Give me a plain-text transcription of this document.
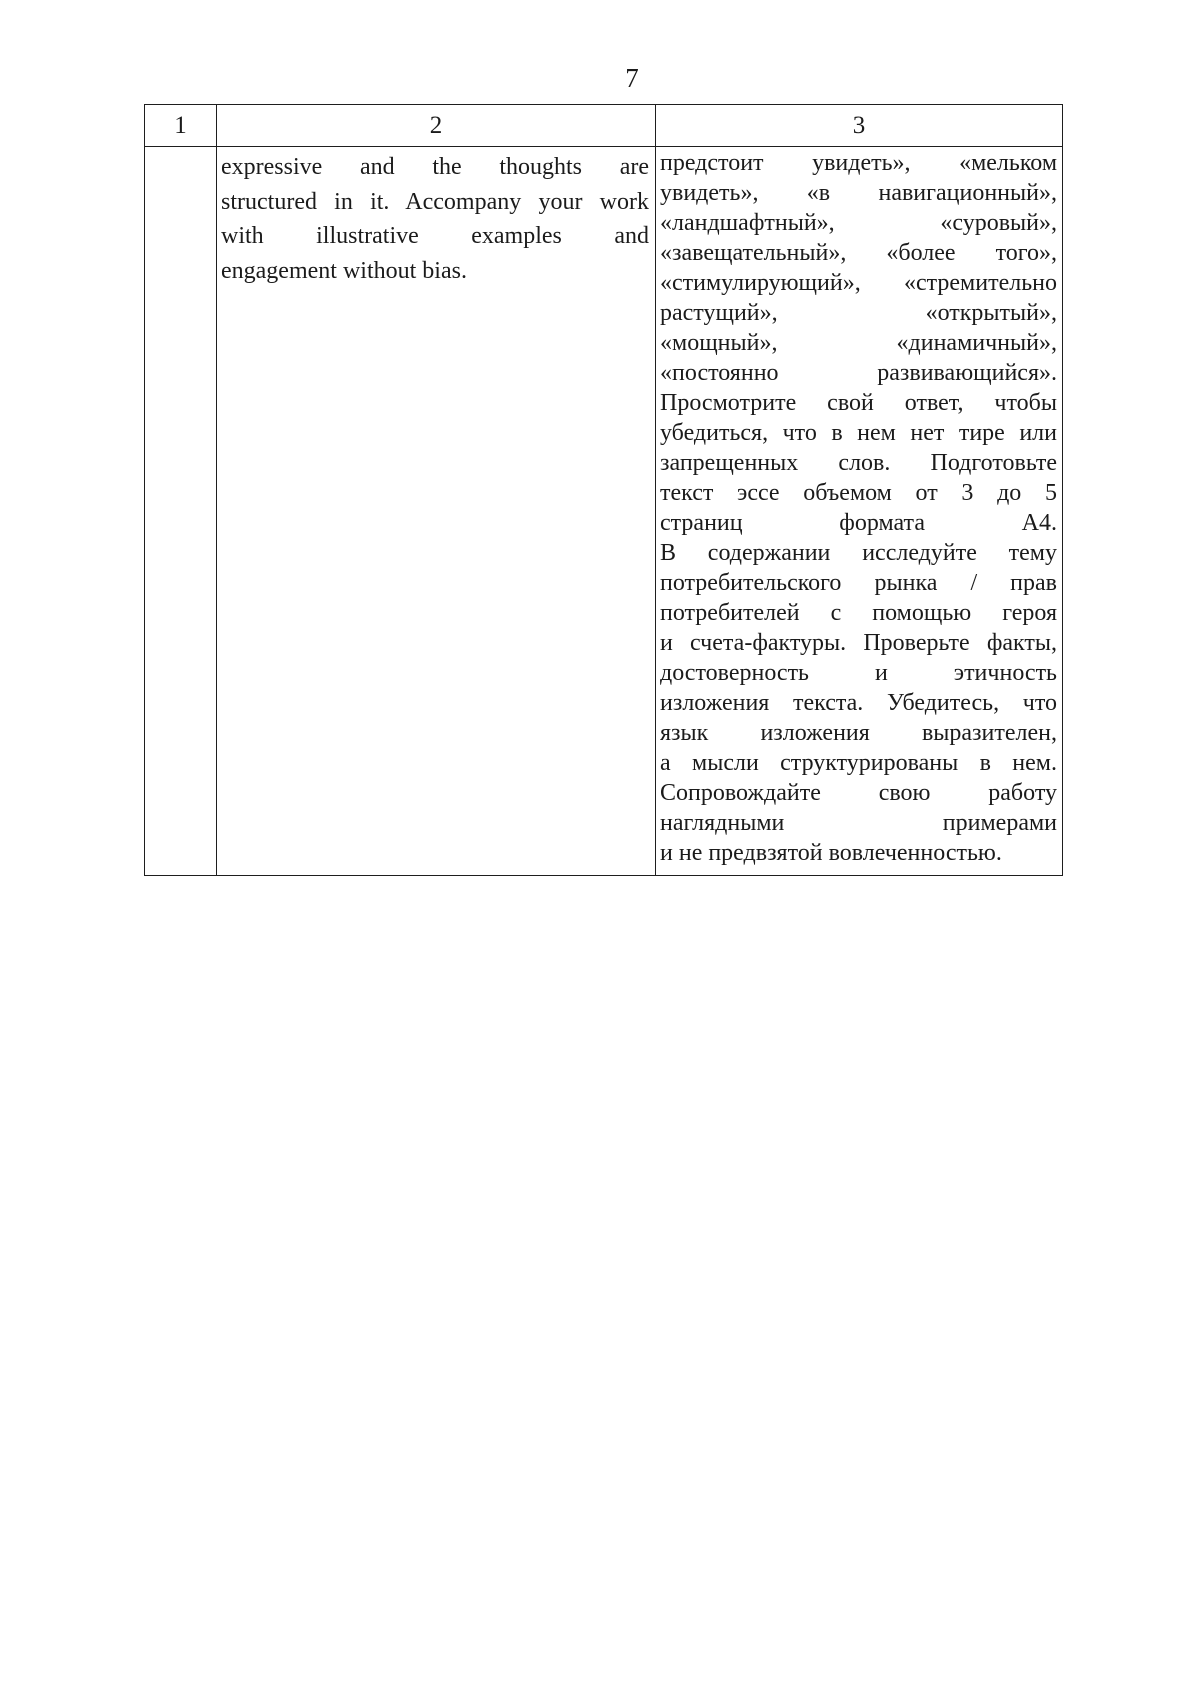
7
1	2	3
expressive and the thoughts are
structured in it. Accompany your work
with illustrative examples and
engagement without bias.
предстоит увидеть», «мельком
увидеть», «в навигационный»,
«ландшафтный», «суровый»,
«завещательный», «более того»,
«стимулирующий», «стремительно
растущий», «открытый»,
«мощный», «динамичный»,
«постоянно развивающийся».
Просмотрите свой ответ, чтобы
убедиться, что в нем нет тире или
запрещенных слов. Подготовьте
текст эссе объемом от 3 до 5
страниц формата А4.
В содержании исследуйте тему
потребительского рынка / прав
потребителей с помощью героя
и счета-фактуры. Проверьте факты,
достоверность и этичность
изложения текста. Убедитесь, что
язык изложения выразителен,
а мысли структурированы в нем.
Сопровождайте свою работу
наглядными примерами
и не предвзятой вовлеченностью.
